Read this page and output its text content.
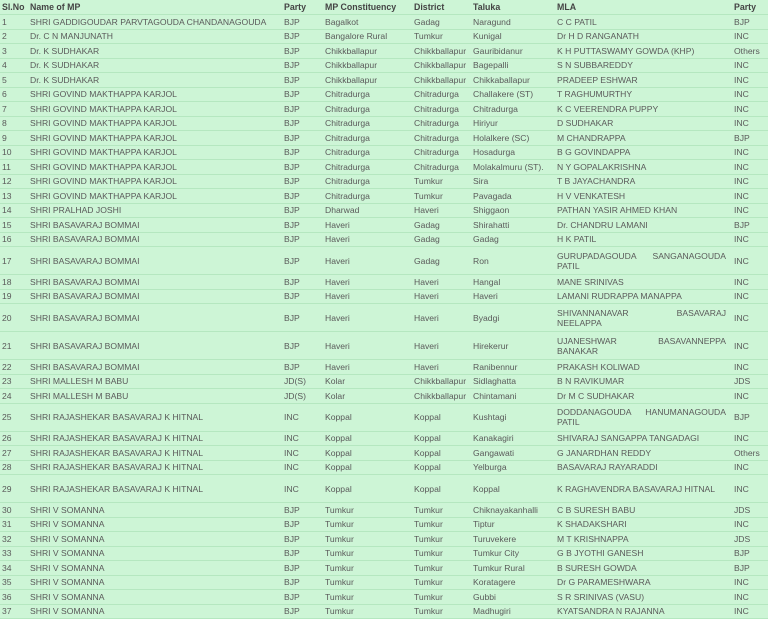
Sl.No	Name of MP	Party	MP Constituency	District	Taluka	MLA	Party
1	SHRI GADDIGOUDAR PARVTAGOUDA CHANDANAGOUDA	BJP	Bagalkot	Gadag	Naragund	C C PATIL	BJP
2	Dr. C N MANJUNATH	BJP	Bangalore Rural	Tumkur	Kunigal	Dr H D RANGANATH	INC
3	Dr. K SUDHAKAR	BJP	Chikkballapur	Chikkballapur	Gauribidanur	K H PUTTASWAMY GOWDA (KHP)	Others
4	Dr. K SUDHAKAR	BJP	Chikkballapur	Chikkballapur	Bagepalli	S N SUBBAREDDY	INC
5	Dr. K SUDHAKAR	BJP	Chikkballapur	Chikkballapur	Chikkaballapur	PRADEEP ESHWAR	INC
6	SHRI GOVIND MAKTHAPPA KARJOL	BJP	Chitradurga	Chitradurga	Challakere (ST)	T RAGHUMURTHY	INC
7	SHRI GOVIND MAKTHAPPA KARJOL	BJP	Chitradurga	Chitradurga	Chitradurga	K C VEERENDRA PUPPY	INC
8	SHRI GOVIND MAKTHAPPA KARJOL	BJP	Chitradurga	Chitradurga	Hiriyur	D SUDHAKAR	INC
9	SHRI GOVIND MAKTHAPPA KARJOL	BJP	Chitradurga	Chitradurga	Holalkere (SC)	M CHANDRAPPA	BJP
10	SHRI GOVIND MAKTHAPPA KARJOL	BJP	Chitradurga	Chitradurga	Hosadurga	B G GOVINDAPPA	INC
11	SHRI GOVIND MAKTHAPPA KARJOL	BJP	Chitradurga	Chitradurga	Molakalmuru (ST).	N Y GOPALAKRISHNA	INC
12	SHRI GOVIND MAKTHAPPA KARJOL	BJP	Chitradurga	Tumkur	Sira	T B JAYACHANDRA	INC
13	SHRI GOVIND MAKTHAPPA KARJOL	BJP	Chitradurga	Tumkur	Pavagada	H V VENKATESH	INC
14	SHRI PRALHAD JOSHI	BJP	Dharwad	Haveri	Shiggaon	PATHAN YASIR AHMED KHAN	INC
15	SHRI BASAVARAJ BOMMAI	BJP	Haveri	Gadag	Shirahatti	Dr. CHANDRU LAMANI	BJP
16	SHRI BASAVARAJ BOMMAI	BJP	Haveri	Gadag	Gadag	H K PATIL	INC
17	SHRI BASAVARAJ BOMMAI	BJP	Haveri	Gadag	Ron	GURUPADAGOUDA SANGANAGOUDA PATIL	INC
18	SHRI BASAVARAJ BOMMAI	BJP	Haveri	Haveri	Hangal	MANE SRINIVAS	INC
19	SHRI BASAVARAJ BOMMAI	BJP	Haveri	Haveri	Haveri	LAMANI RUDRAPPA MANAPPA	INC
20	SHRI BASAVARAJ BOMMAI	BJP	Haveri	Haveri	Byadgi	SHIVANNANAVAR BASAVARAJ NEELAPPA	INC
21	SHRI BASAVARAJ BOMMAI	BJP	Haveri	Haveri	Hirekerur	UJANESHWAR BASAVANNEPPA BANAKAR	INC
22	SHRI BASAVARAJ BOMMAI	BJP	Haveri	Haveri	Ranibennur	PRAKASH KOLIWAD	INC
23	SHRI MALLESH M BABU	JD(S)	Kolar	Chikkballapur	Sidlaghatta	B N RAVIKUMAR	JDS
24	SHRI MALLESH M BABU	JD(S)	Kolar	Chikkballapur	Chintamani	Dr M C SUDHAKAR	INC
25	SHRI RAJASHEKAR BASAVARAJ K HITNAL	INC	Koppal	Koppal	Kushtagi	DODDANAGOUDA HANUMANAGOUDA PATIL	BJP
26	SHRI RAJASHEKAR BASAVARAJ K HITNAL	INC	Koppal	Koppal	Kanakagiri	SHIVARAJ SANGAPPA TANGADAGI	INC
27	SHRI RAJASHEKAR BASAVARAJ K HITNAL	INC	Koppal	Koppal	Gangawati	G JANARDHAN REDDY	Others
28	SHRI RAJASHEKAR BASAVARAJ K HITNAL	INC	Koppal	Koppal	Yelburga	BASAVARAJ RAYARADDI	INC
29	SHRI RAJASHEKAR BASAVARAJ K HITNAL	INC	Koppal	Koppal	Koppal	K RAGHAVENDRA BASAVARAJ HITNAL	INC
30	SHRI V SOMANNA	BJP	Tumkur	Tumkur	Chiknayakanhalli	C B SURESH BABU	JDS
31	SHRI V SOMANNA	BJP	Tumkur	Tumkur	Tiptur	K SHADAKSHARI	INC
32	SHRI V SOMANNA	BJP	Tumkur	Tumkur	Turuvekere	M T KRISHNAPPA	JDS
33	SHRI V SOMANNA	BJP	Tumkur	Tumkur	Tumkur City	G B JYOTHI GANESH	BJP
34	SHRI V SOMANNA	BJP	Tumkur	Tumkur	Tumkur Rural	B SURESH GOWDA	BJP
35	SHRI V SOMANNA	BJP	Tumkur	Tumkur	Koratagere	Dr G PARAMESHWARA	INC
36	SHRI V SOMANNA	BJP	Tumkur	Tumkur	Gubbi	S R SRINIVAS (VASU)	INC
37	SHRI V SOMANNA	BJP	Tumkur	Tumkur	Madhugiri	KYATSANDRA N RAJANNA	INC
